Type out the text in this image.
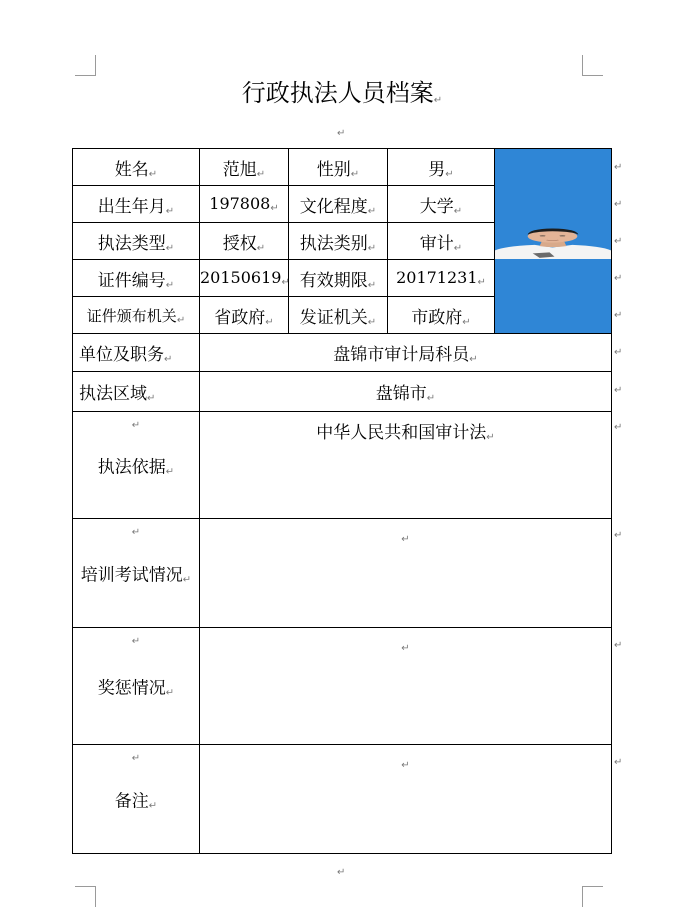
行政执法人员档案↵
↵
姓名↵	范旭↵	性别↵	男↵	

出生年月↵	197808↵	文化程度↵	大学↵	
执法类型↵	授权↵	执法类别↵	审计↵	
证件编号↵	20150619↵	有效期限↵	20171231↵	
证件颁布机关↵	省政府↵	发证机关↵	市政府↵	
单位及职务↵	盘锦市审计局科员↵			
执法区域↵	盘锦市↵			

↵
执法依据↵	中华人民共和国审计法↵			

↵
培训考试情况↵	↵			

↵
奖惩情况↵	↵			

↵
备注↵	↵			
↵
↵
↵
↵
↵
↵
↵
↵
↵
↵
↵
↵
